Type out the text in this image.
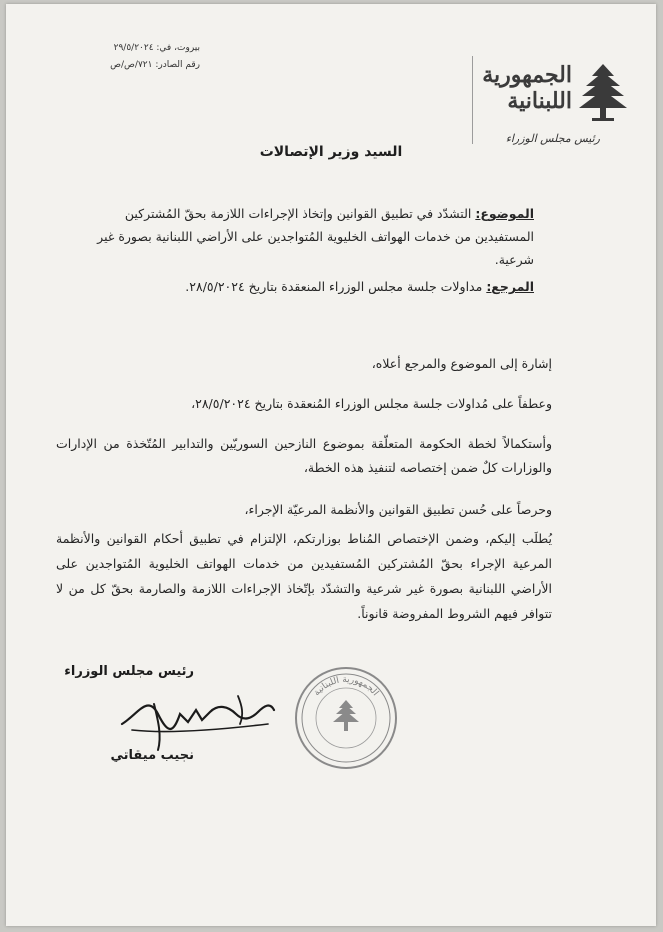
الجمهورية اللبنانية
رئيس مجلس الوزراء
بيروت، في: ٢٩/٥/٢٠٢٤
رقم الصادر: ٧٢١/ص/ص
السيد وزير الإتصالات
الموضوع: التشدّد في تطبيق القوانين وإتخاذ الإجراءات اللازمة بحقّ المُشتركين المستفيدين من خدمات الهواتف الخليوية المُتواجدين على الأراضي اللبنانية بصورة غير شرعية.
المرجع: مداولات جلسة مجلس الوزراء المنعقدة بتاريخ ٢٨/٥/٢٠٢٤.
إشارة إلى الموضوع والمرجع أعلاه،
وعطفاً على مُداولات جلسة مجلس الوزراء المُنعقدة بتاريخ ٢٨/٥/٢٠٢٤،
وأستكمالاً لخطة الحكومة المتعلّقة بموضوع النازحين السوريّين والتدابير المُتّخذة من الإدارات والوزارات كلٌ ضمن إختصاصه لتنفيذ هذه الخطة،
وحرصاً على حُسن تطبيق القوانين والأنظمة المرعيّة الإجراء،
يُطلَب إليكم، وضمن الإختصاص المُناط بوزارتكم، الإلتزام في تطبيق أحكام القوانين والأنظمة المرعية الإجراء بحقّ المُشتركين المُستفيدين من خدمات الهواتف الخليوية المُتواجدين على الأراضي اللبنانية بصورة غير شرعية والتشدّد بإتّخاذ الإجراءات اللازمة والصارمة بحقّ كل من لا تتوافر فيهم الشروط المفروضة قانوناً.
رئيس مجلس الوزراء
الجمهورية اللبنانية
نجيب ميقاتي
